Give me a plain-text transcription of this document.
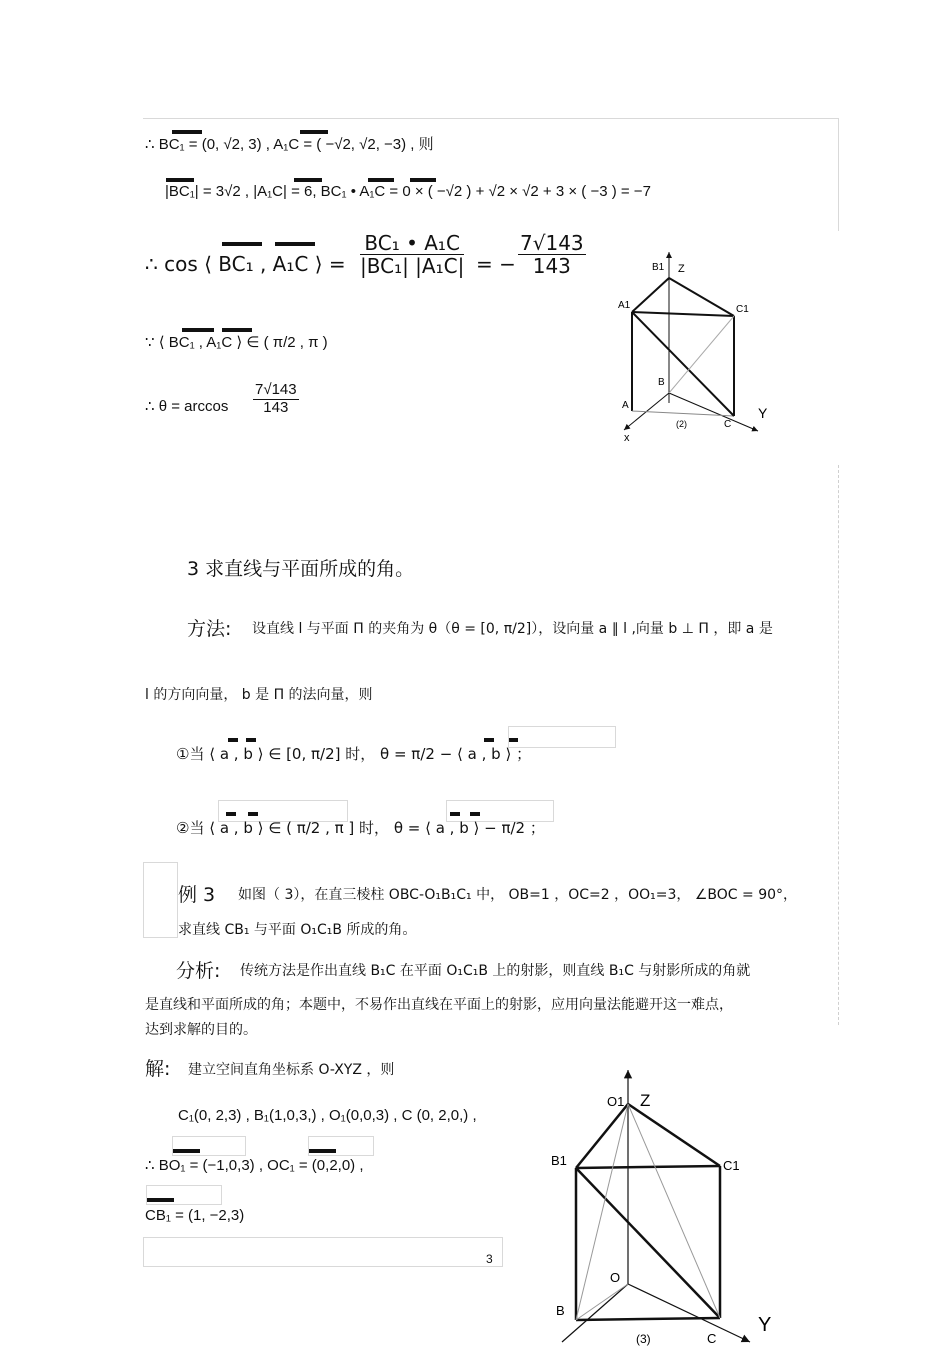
∴ BC₁ = (0, √2, 3) , A₁C = ( −√2, √2, −3) , 则
|BC₁| = 3√2 , |A₁C| = 6, BC₁ • A₁C = 0 × ( −√2 ) + √2 × √2 + 3 × ( −3 ) = −7
∴ cos ⟨ BC₁ , A₁C ⟩ = $\frac{\text{BC₁ • A₁C}}{\text{|BC₁| |A₁C|}}$ = − $\frac{7√143}{143}$
∵ ⟨ BC₁ , A₁C ⟩ ∈ ( π/2 , π )
∴ $\theta = \arccos \frac{7√143}{143}$
B1 Z
A1	C1
B
A	Y
C
x
(2)
3 求直线与平面所成的角。
方法: 设直线 l 与平面 Π 的夹角为 θ（θ = [0, π/2]），设向量 a ∥ l ,向量 b ⊥ Π ，即 a 是
l 的方向向量， b 是 Π 的法向量，则
①当 ⟨ a , b ⟩ ∈ [0, π/2] 时， θ = π/2 − ⟨ a , b ⟩ ；
②当 ⟨ a , b ⟩ ∈ ( π/2 , π ] 时， θ = ⟨ a , b ⟩ − π/2 ；
例 3 如图（ 3），在直三棱柱 OBC-O₁B₁C₁ 中， OB=1 ，OC=2 ，OO₁=3， ∠BOC = 90°，
求直线 CB₁ 与平面 O₁C₁B 所成的角。
分析: 传统方法是作出直线 B₁C 在平面 O₁C₁B 上的射影，则直线 B₁C 与射影所成的角就
是直线和平面所成的角；本题中，不易作出直线在平面上的射影，应用向量法能避开这一难点，
达到求解的目的。
解: 建立空间直角坐标系 O-XYZ ，则
C₁(0, 2,3) , B₁(1,0,3,) , O₁(0,0,3) , C (0, 2,0,) ,
∴ BO₁ = (−1,0,3) , OC₁ = (0,2,0) ,
CB₁ = (1, −2,3)
3
O1 Z
B1	C1
O
B
Y
C
(3)
